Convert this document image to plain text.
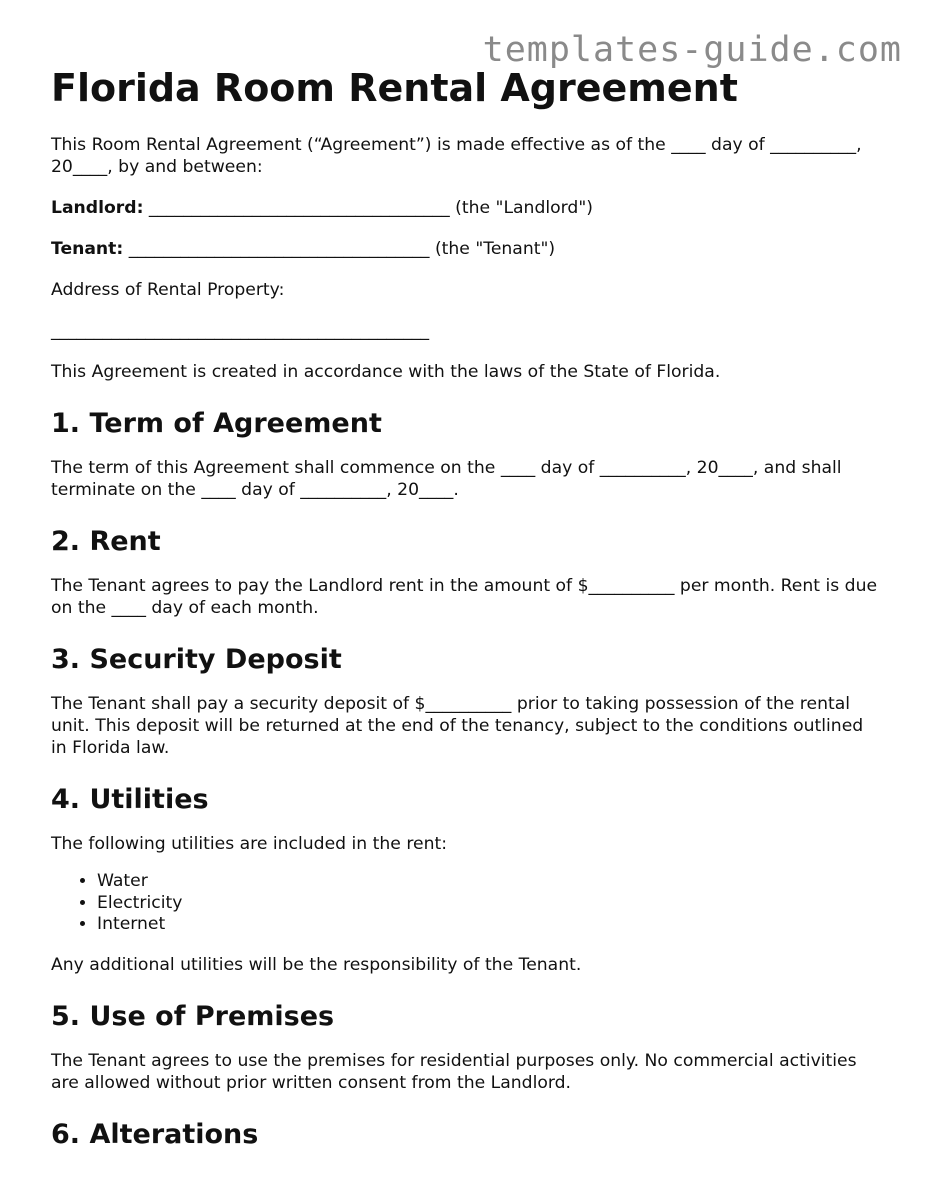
templates-guide.com
Florida Room Rental Agreement

This Room Rental Agreement (“Agreement”) is made effective as of the ____ day of __________, 20____, by and between:

Landlord: ___________________________________ (the "Landlord")

Tenant: ___________________________________ (the "Tenant")

Address of Rental Property:

____________________________________________

This Agreement is created in accordance with the laws of the State of Florida.

1. Term of Agreement

The term of this Agreement shall commence on the ____ day of __________, 20____, and shall terminate on the ____ day of __________, 20____.

2. Rent

The Tenant agrees to pay the Landlord rent in the amount of $__________ per month. Rent is due on the ____ day of each month.

3. Security Deposit

The Tenant shall pay a security deposit of $__________ prior to taking possession of the rental unit. This deposit will be returned at the end of the tenancy, subject to the conditions outlined in Florida law.

4. Utilities

The following utilities are included in the rent:

• Water
• Electricity
• Internet

Any additional utilities will be the responsibility of the Tenant.

5. Use of Premises

The Tenant agrees to use the premises for residential purposes only. No commercial activities are allowed without prior written consent from the Landlord.

6. Alterations
